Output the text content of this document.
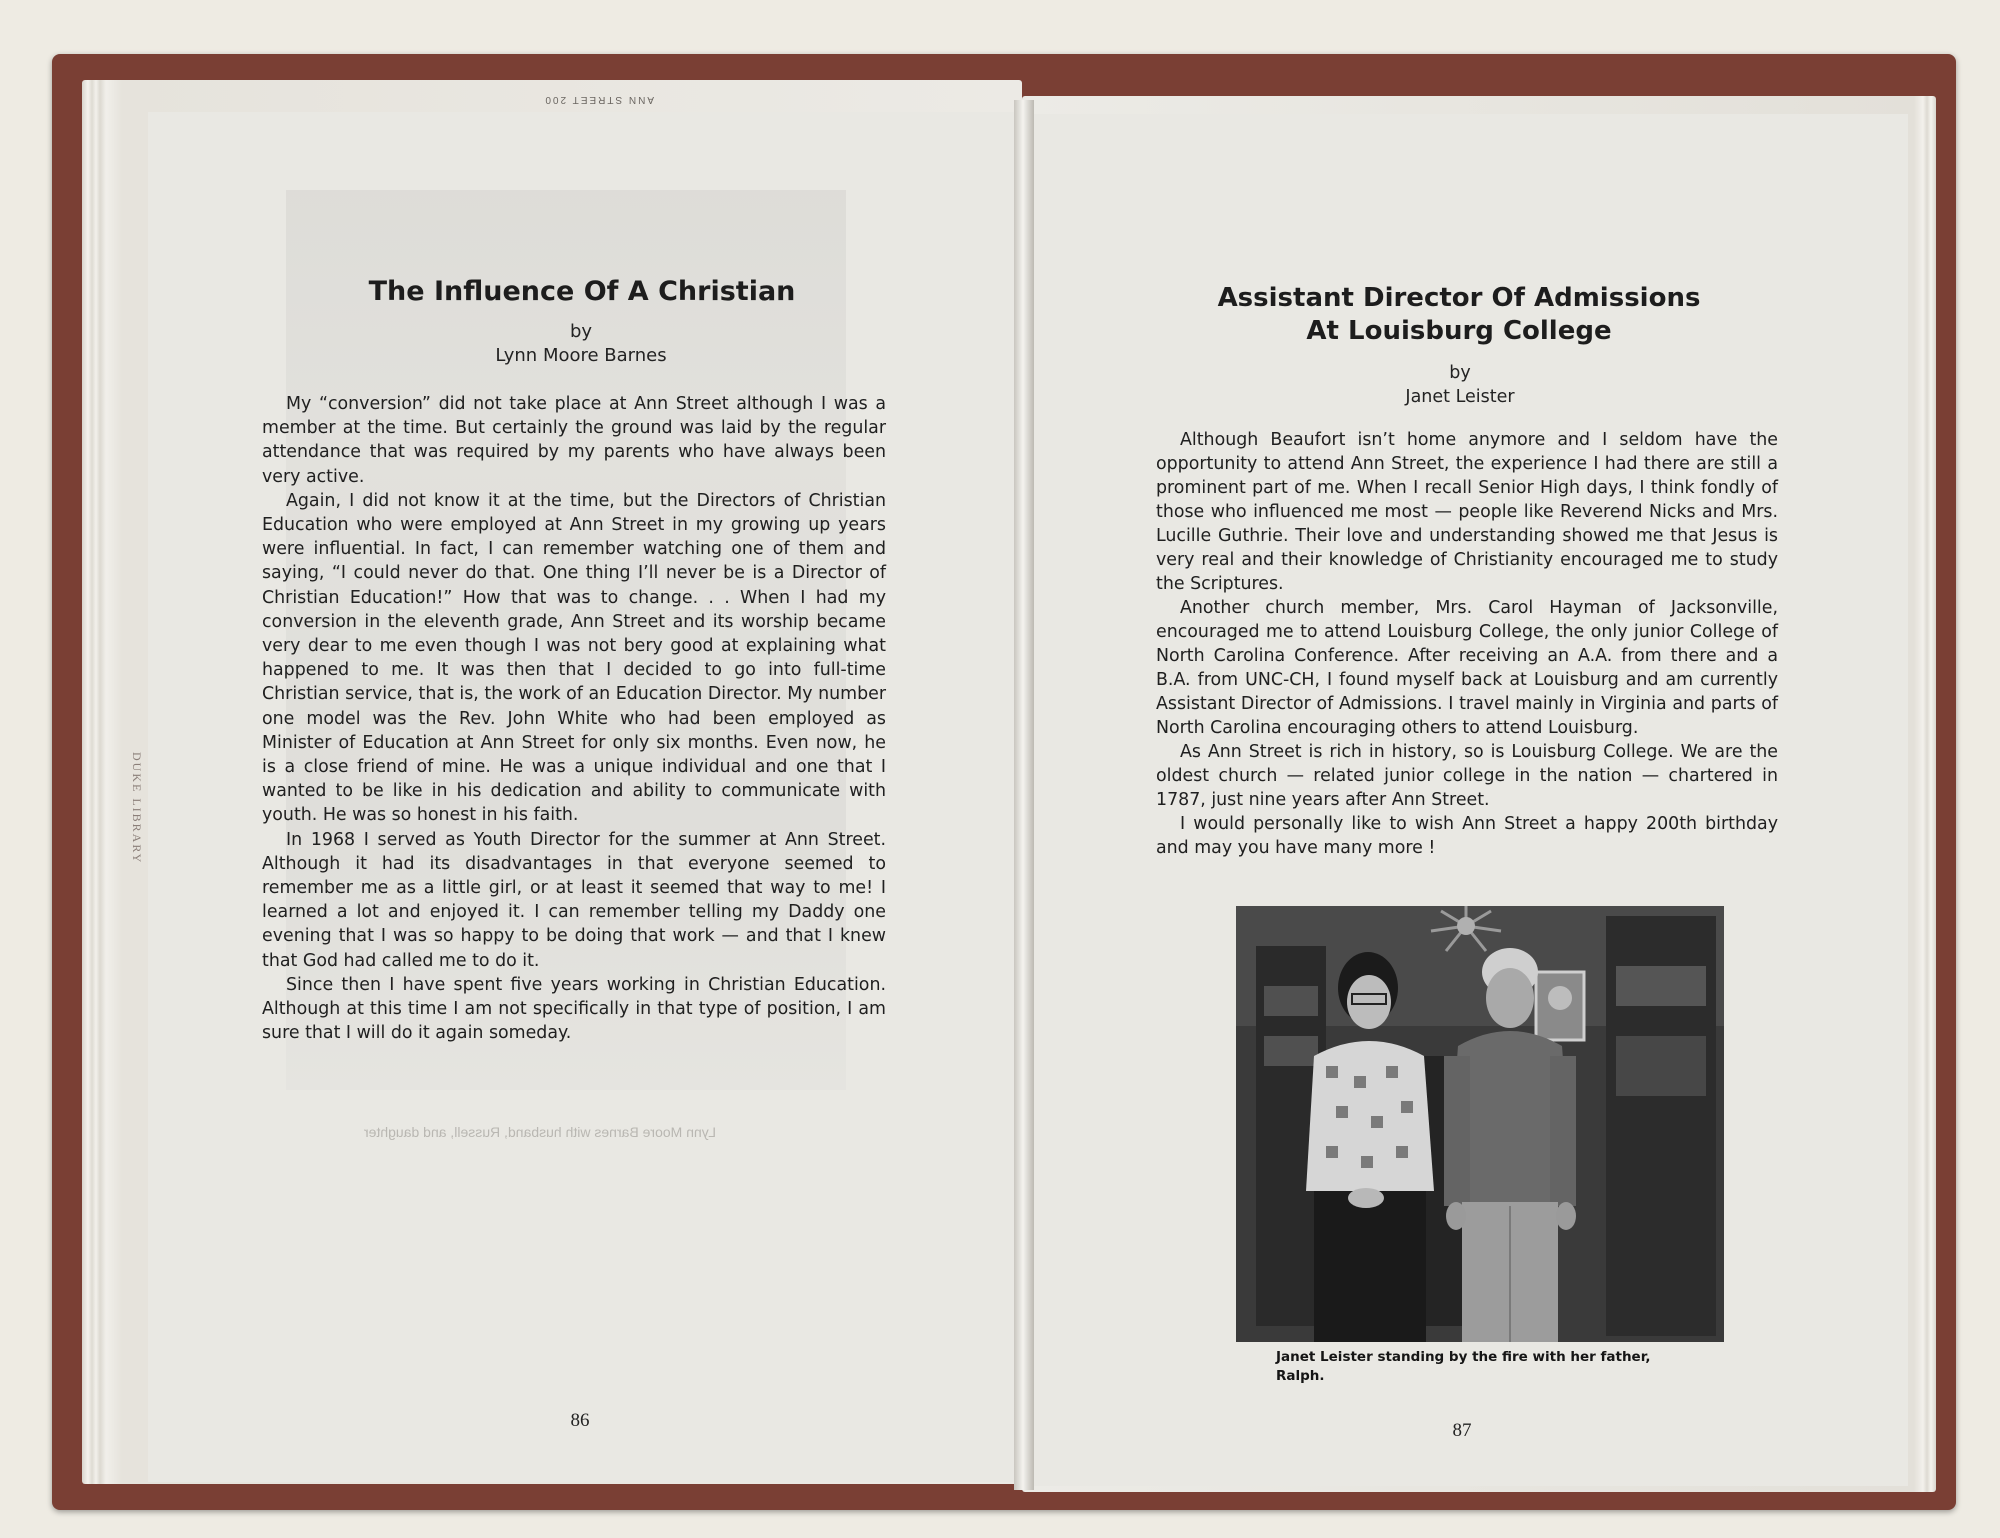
ANN STREET 200
DUKE LIBRARY
Lynn Moore Barnes with husband, Russell, and daughter
The Influence Of A Christian
by
Lynn Moore Barnes

My “conversion” did not take place at Ann Street although I was a member at the time. But certainly the ground was laid by the regular attendance that was required by my parents who have always been very active.

Again, I did not know it at the time, but the Directors of Christian Education who were employed at Ann Street in my growing up years were influential. In fact, I can remember watching one of them and saying, “I could never do that. One thing I’ll never be is a Director of Christian Education!” How that was to change. . . When I had my conversion in the eleventh grade, Ann Street and its worship became very dear to me even though I was not bery good at explaining what happened to me. It was then that I decided to go into full-time Christian service, that is, the work of an Education Director. My number one model was the Rev. John White who had been employed as Minister of Education at Ann Street for only six months. Even now, he is a close friend of mine. He was a unique individual and one that I wanted to be like in his dedication and ability to communicate with youth. He was so honest in his faith.

In 1968 I served as Youth Director for the summer at Ann Street. Although it had its disadvantages in that everyone seemed to remember me as a little girl, or at least it seemed that way to me! I learned a lot and enjoyed it. I can remember telling my Daddy one evening that I was so happy to be doing that work — and that I knew that God had called me to do it.

Since then I have spent five years working in Christian Education. Although at this time I am not specifically in that type of position, I am sure that I will do it again someday.

86
Assistant Director Of Admissions
At Louisburg College
by
Janet Leister

Although Beaufort isn’t home anymore and I seldom have the opportunity to attend Ann Street, the experience I had there are still a prominent part of me. When I recall Senior High days, I think fondly of those who influenced me most — people like Reverend Nicks and Mrs. Lucille Guthrie. Their love and understanding showed me that Jesus is very real and their knowledge of Christianity encouraged me to study the Scriptures.

Another church member, Mrs. Carol Hayman of Jacksonville, encouraged me to attend Louisburg College, the only junior College of North Carolina Conference. After receiving an A.A. from there and a B.A. from UNC-CH, I found myself back at Louisburg and am currently Assistant Director of Admissions. I travel mainly in Virginia and parts of North Carolina encouraging others to attend Louisburg.

As Ann Street is rich in history, so is Louisburg College. We are the oldest church — related junior college in the nation — chartered in 1787, just nine years after Ann Street.

I would personally like to wish Ann Street a happy 200th birthday and may you have many more !

Janet Leister standing by the fire with her father, Ralph.
87
